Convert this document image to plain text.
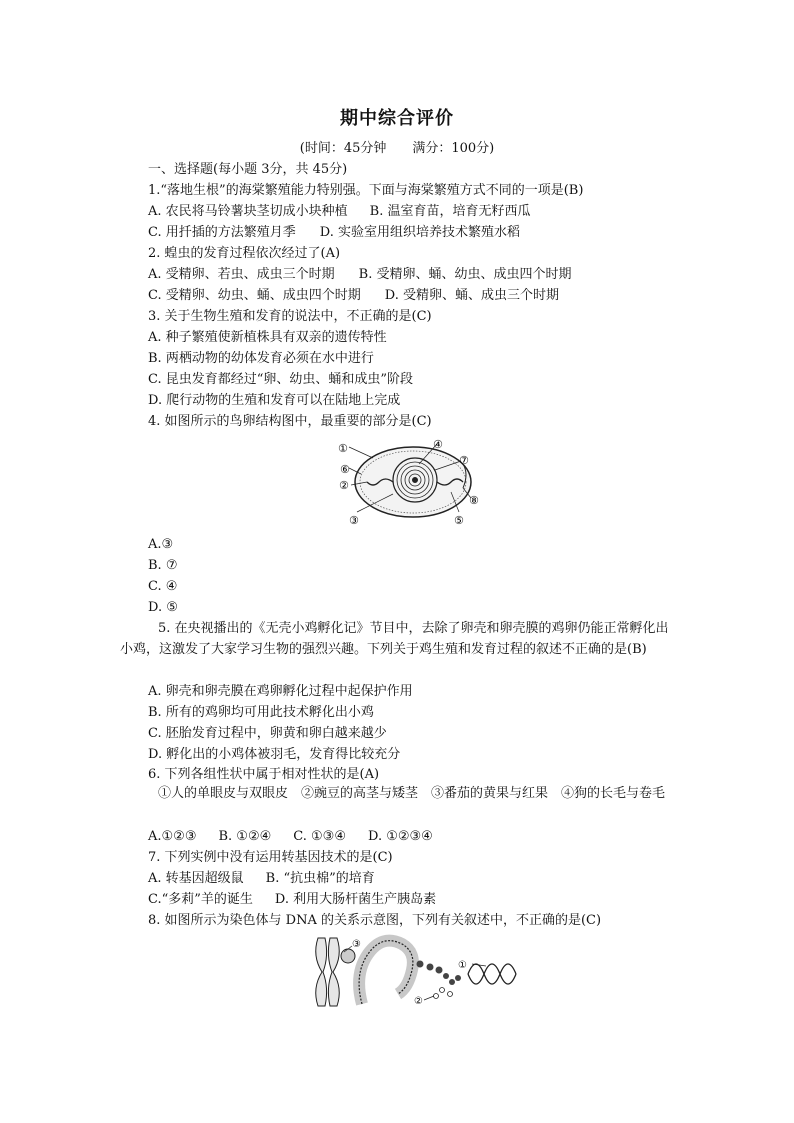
期中综合评价
(时间：45分钟　　满分：100分)
一、选择题(每小题 3分，共 45分)
1.“落地生根”的海棠繁殖能力特别强。下面与海棠繁殖方式不同的一项是(B)
A. 农民将马铃薯块茎切成小块种植 B. 温室育苗，培育无籽西瓜
C. 用扦插的方法繁殖月季 D. 实验室用组织培养技术繁殖水稻
2. 蝗虫的发育过程依次经过了(A)
A. 受精卵、若虫、成虫三个时期 B. 受精卵、蛹、幼虫、成虫四个时期
C. 受精卵、幼虫、蛹、成虫四个时期 D. 受精卵、蛹、成虫三个时期
3. 关于生物生殖和发育的说法中，不正确的是(C)
A. 种子繁殖使新植株具有双亲的遗传特性
B. 两栖动物的幼体发育必须在水中进行
C. 昆虫发育都经过“卵、幼虫、蛹和成虫”阶段
D. 爬行动物的生殖和发育可以在陆地上完成
4. 如图所示的鸟卵结构图中，最重要的部分是(C)
①
②
③
④
⑤
⑥
⑦
⑧
A.③
B. ⑦
C. ④
D. ⑤
5. 在央视播出的《无壳小鸡孵化记》节目中，去除了卵壳和卵壳膜的鸡卵仍能正常孵化出小鸡，这激发了大家学习生物的强烈兴趣。下列关于鸡生殖和发育过程的叙述不正确的是(B)
A. 卵壳和卵壳膜在鸡卵孵化过程中起保护作用
B. 所有的鸡卵均可用此技术孵化出小鸡
C. 胚胎发育过程中，卵黄和卵白越来越少
D. 孵化出的小鸡体被羽毛，发育得比较充分
6. 下列各组性状中属于相对性状的是(A)
①人的单眼皮与双眼皮　②豌豆的高茎与矮茎　③番茄的黄果与红果　④狗的长毛与卷毛
A.①②③ B. ①②④ C. ①③④ D. ①②③④
7. 下列实例中没有运用转基因技术的是(C)
A. 转基因超级鼠 B. “抗虫棉”的培育
C.“多莉”羊的诞生 D. 利用大肠杆菌生产胰岛素
8. 如图所示为染色体与 DNA 的关系示意图，下列有关叙述中，不正确的是(C)
③
①
②
